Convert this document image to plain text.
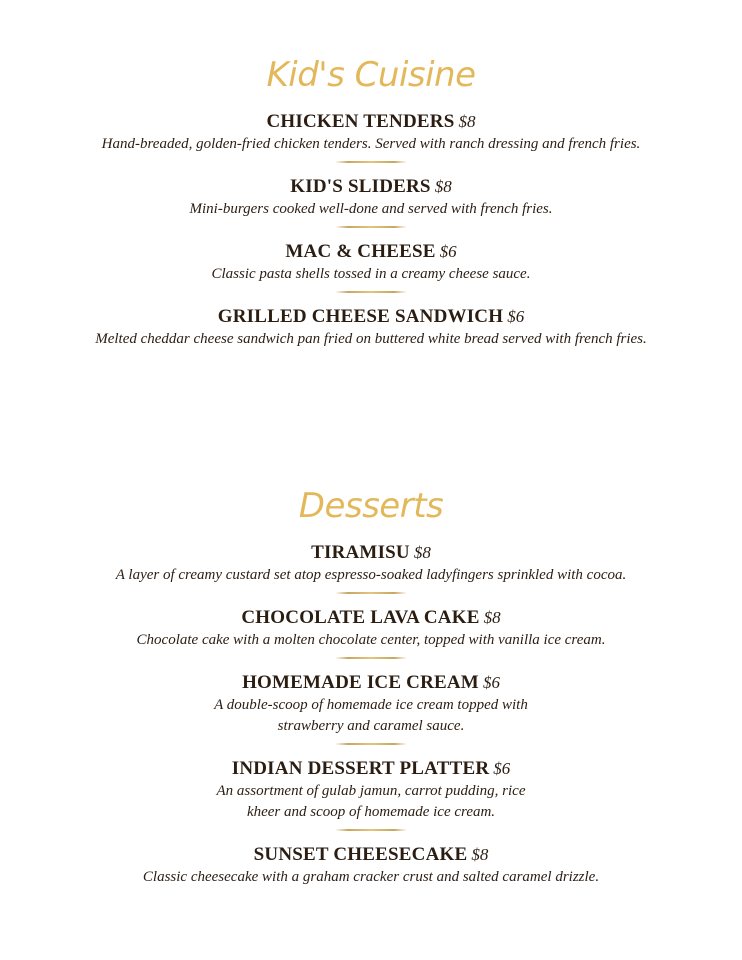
Kid's Cuisine
CHICKEN TENDERS $8
Hand-breaded, golden-fried chicken tenders. Served with ranch dressing and french fries.
KID'S SLIDERS $8
Mini-burgers cooked well-done and served with french fries.
MAC & CHEESE $6
Classic pasta shells tossed in a creamy cheese sauce.
GRILLED CHEESE SANDWICH $6
Melted cheddar cheese sandwich pan fried on buttered white bread served with french fries.
Desserts
TIRAMISU $8
A layer of creamy custard set atop espresso-soaked ladyfingers sprinkled with cocoa.
CHOCOLATE LAVA CAKE $8
Chocolate cake with a molten chocolate center, topped with vanilla ice cream.
HOMEMADE ICE CREAM $6
A double-scoop of homemade ice cream topped with strawberry and caramel sauce.
INDIAN DESSERT PLATTER $6
An assortment of gulab jamun, carrot pudding, rice kheer and scoop of homemade ice cream.
SUNSET CHEESECAKE $8
Classic cheesecake with a graham cracker crust and salted caramel drizzle.
